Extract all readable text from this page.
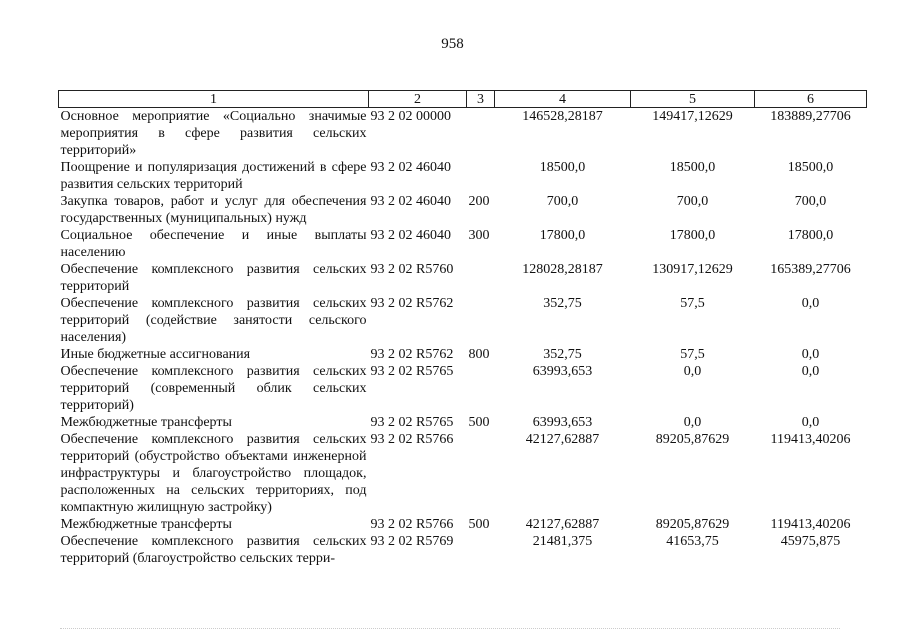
958
1	2	3	4	5	6
Основное мероприятие «Социально значимые мероприятия в сфере развития сельских территорий»	93 2 02 00000		146528,28187	149417,12629	183889,27706
Поощрение и популяризация достижений в сфере развития сельских территорий	93 2 02 46040		18500,0	18500,0	18500,0
Закупка товаров, работ и услуг для обеспечения государственных (муниципальных) нужд	93 2 02 46040	200	700,0	700,0	700,0
Социальное обеспечение и иные выплаты населению	93 2 02 46040	300	17800,0	17800,0	17800,0
Обеспечение комплексного развития сельских территорий	93 2 02 R5760		128028,28187	130917,12629	165389,27706
Обеспечение комплексного развития сельских территорий (содействие занятости сельского населения)	93 2 02 R5762		352,75	57,5	0,0
Иные бюджетные ассигнования	93 2 02 R5762	800	352,75	57,5	0,0
Обеспечение комплексного развития сельских территорий (современный облик сельских территорий)	93 2 02 R5765		63993,653	0,0	0,0
Межбюджетные трансферты	93 2 02 R5765	500	63993,653	0,0	0,0
Обеспечение комплексного развития сельских территорий (обустройство объектами инженерной инфраструктуры и благоустройство площадок, расположенных на сельских территориях, под компактную жилищную застройку)	93 2 02 R5766		42127,62887	89205,87629	119413,40206
Межбюджетные трансферты	93 2 02 R5766	500	42127,62887	89205,87629	119413,40206
Обеспечение комплексного развития сельских территорий (благоустройство сельских терри-	93 2 02 R5769		21481,375	41653,75	45975,875
